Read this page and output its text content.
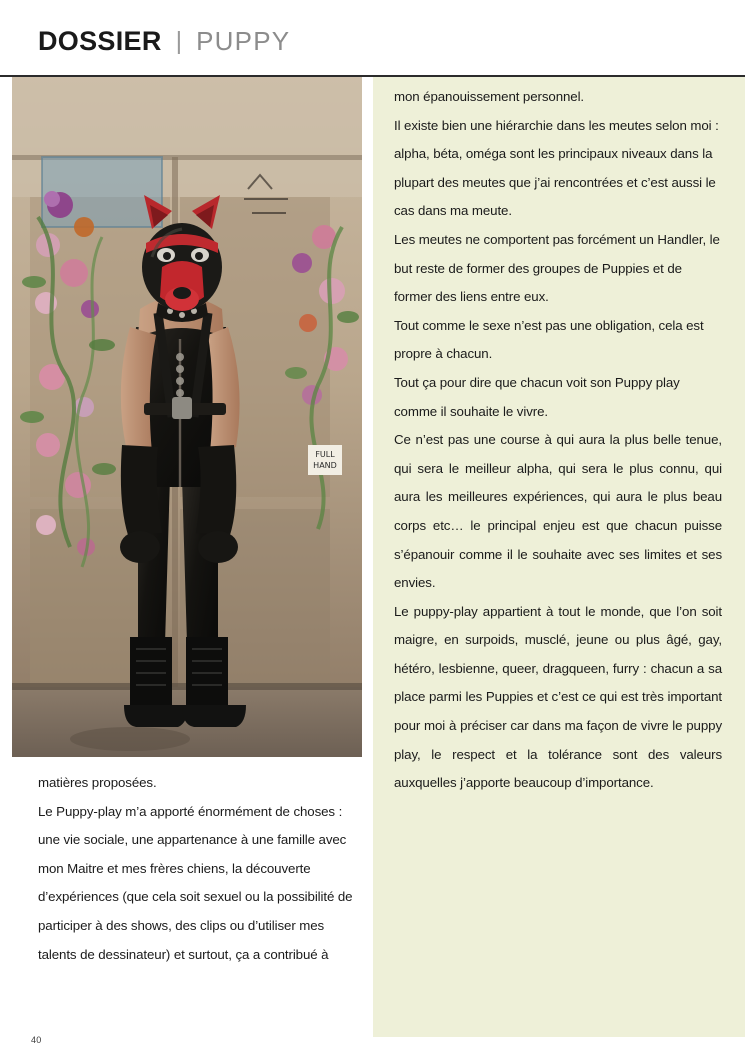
DOSSIER | PUPPY
FULL
HAND

matières proposées.

Le Puppy-play m’a apporté énormément de choses : une vie sociale, une appartenance à une famille avec mon Maitre et mes frères chiens, la découverte d’expériences (que cela soit sexuel ou la possibilité de participer à des shows, des clips ou d’utiliser mes talents de dessinateur) et surtout, ça a contribué à

mon épanouissement personnel.

Il existe bien une hiérarchie dans les meutes selon moi : alpha, béta, oméga sont les principaux niveaux dans la plupart des meutes que j’ai rencontrées et c’est aussi le cas dans ma meute.

Les meutes ne comportent pas forcément un Handler, le but reste de former des groupes de Puppies et de former des liens entre eux.

Tout comme le sexe n’est pas une obligation, cela est propre à chacun.

Tout ça pour dire que chacun voit son Puppy play comme il souhaite le vivre.

Ce n’est pas une course à qui aura la plus belle tenue, qui sera le meilleur alpha, qui sera le plus connu, qui aura les meilleures expériences, qui aura le plus beau corps etc… le principal enjeu est que chacun puisse s’épanouir comme il le souhaite avec ses limites et ses envies.

Le puppy-play appartient à tout le monde, que l’on soit maigre, en surpoids, musclé, jeune ou plus âgé, gay, hétéro, lesbienne, queer, dragqueen, furry : chacun a sa place parmi les Puppies et c’est ce qui est très important pour moi à préciser car dans ma façon de vivre le puppy play, le respect et la tolérance sont des valeurs auxquelles j’apporte beaucoup d’importance.

40
